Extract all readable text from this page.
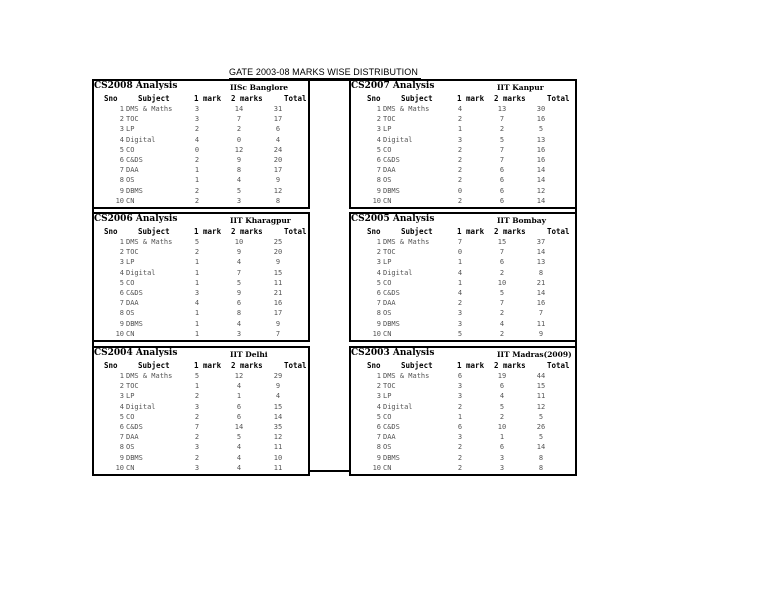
GATE 2003-08 MARKS WISE DISTRIBUTION
CS2008 Analysis	IISc Banglore
Sno	Subject	1 mark 2 marks	Total
1 DMS & Maths	3	14	31
2 TOC	3	7	17
3 LP	2	2	6
4 Digital	4	0	4
5 CO	0	12	24
6 C&DS	2	9	20
7 DAA	1	8	17
8 OS	1	4	9
9 DBMS	2	5	12
10 CN	2	3	8
CS2007 Analysis	IIT Kanpur
Sno	Subject	1 mark 2 marks	Total
1 DMS & Maths	4	13	30
2 TOC	2	7	16
3 LP	1	2	5
4 Digital	3	5	13
5 CO	2	7	16
6 C&DS	2	7	16
7 DAA	2	6	14
8 OS	2	6	14
9 DBMS	0	6	12
10 CN	2	6	14
CS2006 Analysis	IIT Kharagpur
Sno	Subject	1 mark 2 marks	Total
1 DMS & Maths	5	10	25
2 TOC	2	9	20
3 LP	1	4	9
4 Digital	1	7	15
5 CO	1	5	11
6 C&DS	3	9	21
7 DAA	4	6	16
8 OS	1	8	17
9 DBMS	1	4	9
10 CN	1	3	7
CS2005 Analysis	IIT Bombay
Sno	Subject	1 mark 2 marks	Total
1 DMS & Maths	7	15	37
2 TOC	0	7	14
3 LP	1	6	13
4 Digital	4	2	8
5 CO	1	10	21
6 C&DS	4	5	14
7 DAA	2	7	16
8 OS	3	2	7
9 DBMS	3	4	11
10 CN	5	2	9
CS2004 Analysis	IIT Delhi
Sno	Subject	1 mark 2 marks	Total
1 DMS & Maths	5	12	29
2 TOC	1	4	9
3 LP	2	1	4
4 Digital	3	6	15
5 CO	2	6	14
6 C&DS	7	14	35
7 DAA	2	5	12
8 OS	3	4	11
9 DBMS	2	4	10
10 CN	3	4	11
CS2003 Analysis	IIT Madras(2009)
Sno	Subject	1 mark 2 marks	Total
1 DMS & Maths	6	19	44
2 TOC	3	6	15
3 LP	3	4	11
4 Digital	2	5	12
5 CO	1	2	5
6 C&DS	6	10	26
7 DAA	3	1	5
8 OS	2	6	14
9 DBMS	2	3	8
10 CN	2	3	8
